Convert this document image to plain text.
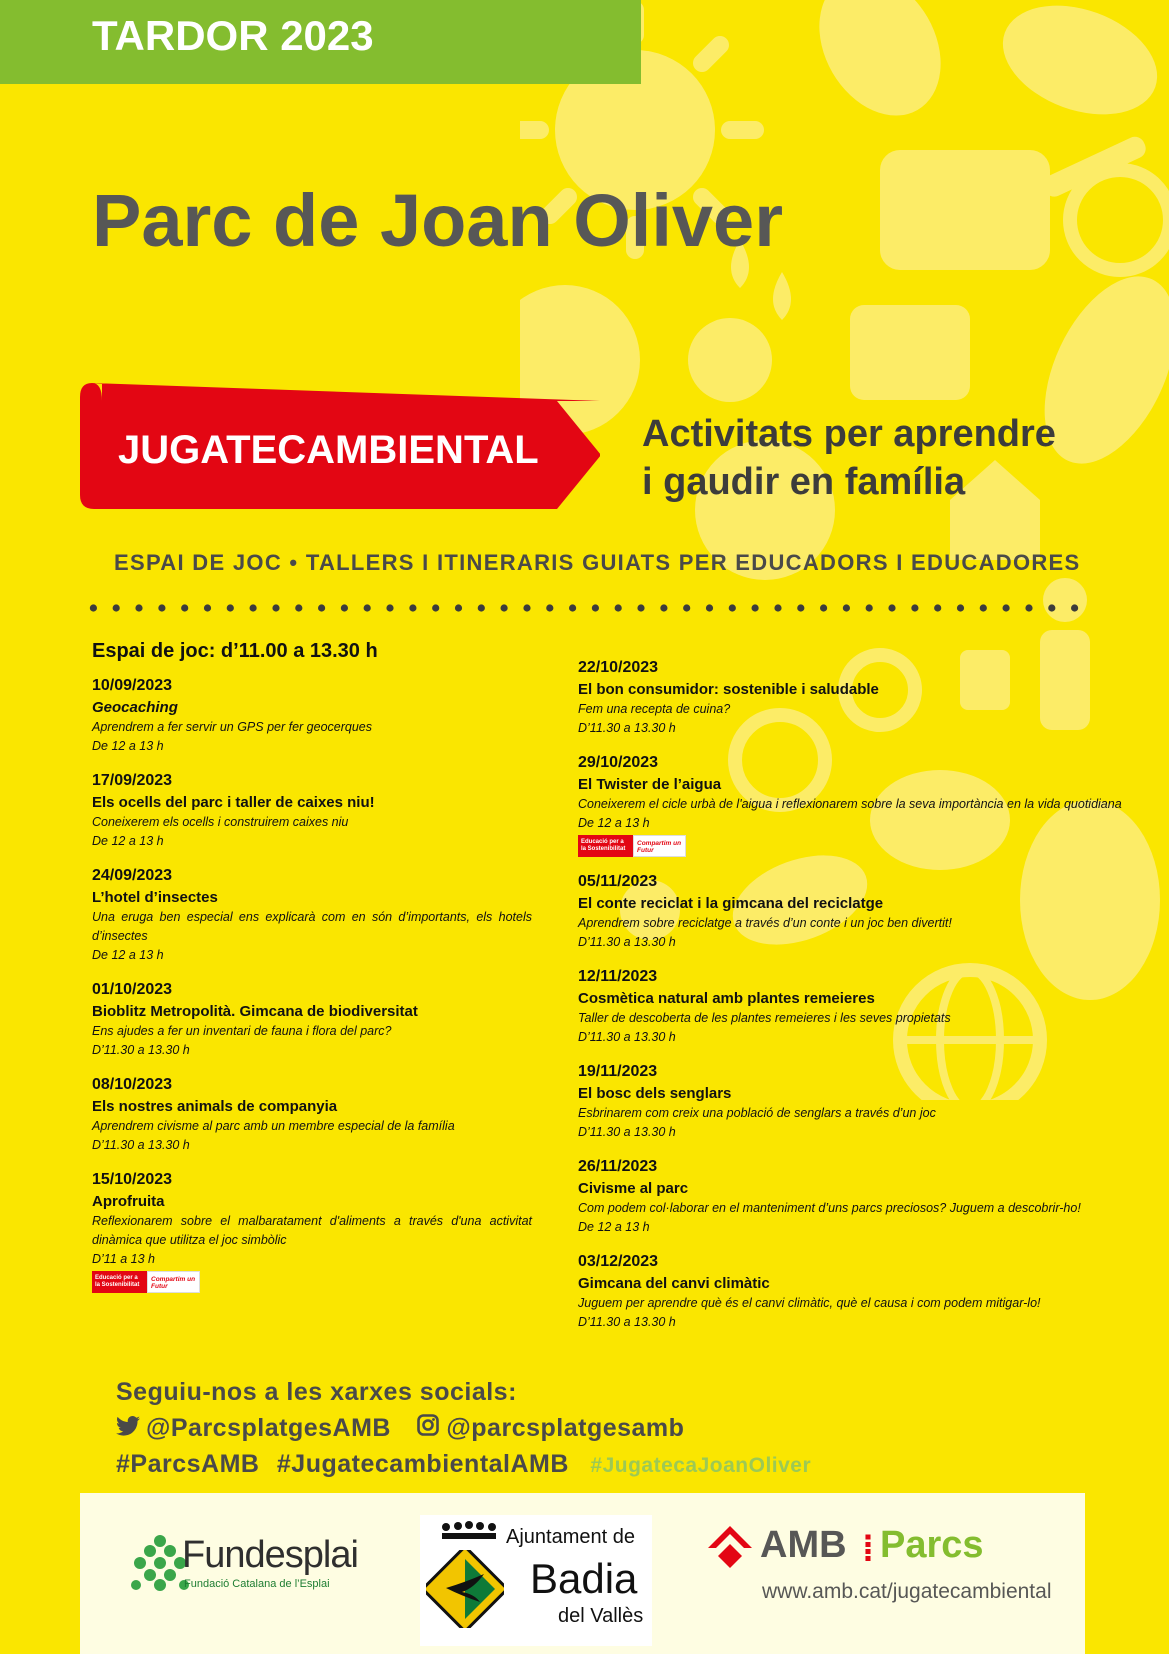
TARDOR 2023
Parc de Joan Oliver
JUGATECAMBIENTAL	Activitats per aprendre
i gaudir en família
ESPAI DE JOC • TALLERS I ITINERARIS GUIATS PER EDUCADORS I EDUCADORES
Espai de joc: d’11.00 a 13.30 h
10/09/2023
Geocaching
Aprendrem a fer servir un GPS per fer geocerques
De 12 a 13 h
17/09/2023
Els ocells del parc i taller de caixes niu!
Coneixerem els ocells i construirem caixes niu
De 12 a 13 h
24/09/2023
L’hotel d’insectes
Una eruga ben especial ens explicarà com en són d’importants, els hotels d’insectes
De 12 a 13 h
01/10/2023
Bioblitz Metropolità. Gimcana de biodiversitat
Ens ajudes a fer un inventari de fauna i flora del parc?
D’11.30 a 13.30 h
08/10/2023
Els nostres animals de companyia
Aprendrem civisme al parc amb un membre especial de la família
D’11.30 a 13.30 h
15/10/2023
Aprofruita
Reflexionarem sobre el malbaratament d'aliments a través d'una activitat dinàmica que utilitza el joc simbòlic
D’11 a 13 h
Educació per a la Sostenibilitat
Compartim un Futur
22/10/2023
El bon consumidor: sostenible i saludable
Fem una recepta de cuina?
D’11.30 a 13.30 h
29/10/2023
El Twister de l’aigua
Coneixerem el cicle urbà de l'aigua i reflexionarem sobre la seva importància en la vida quotidiana
De 12 a 13 h
Educació per a la Sostenibilitat
Compartim un Futur
05/11/2023
El conte reciclat i la gimcana del reciclatge
Aprendrem sobre reciclatge a través d’un conte i un joc ben divertit!
D’11.30 a 13.30 h
12/11/2023
Cosmètica natural amb plantes remeieres
Taller de descoberta de les plantes remeieres i les seves propietats
D’11.30 a 13.30 h
19/11/2023
El bosc dels senglars
Esbrinarem com creix una població de senglars a través d’un joc
D’11.30 a 13.30 h
26/11/2023
Civisme al parc
Com podem col·laborar en el manteniment d’uns parcs preciosos? Juguem a descobrir-ho!
De 12 a 13 h
03/12/2023
Gimcana del canvi climàtic
Juguem per aprendre què és el canvi climàtic, què el causa i com podem mitigar-lo!
D’11.30 a 13.30 h
Seguiu-nos a les xarxes socials:
@ParcsplatgesAMB @parcsplatgesamb
#ParcsAMB #JugatecambientalAMB #JugatecaJoanOliver
Fundesplai
Fundació Catalana de l’Esplai
Ajuntament de
Badia
del Vallès
AMB ⁞ Parcs
www.amb.cat/jugatecambiental
